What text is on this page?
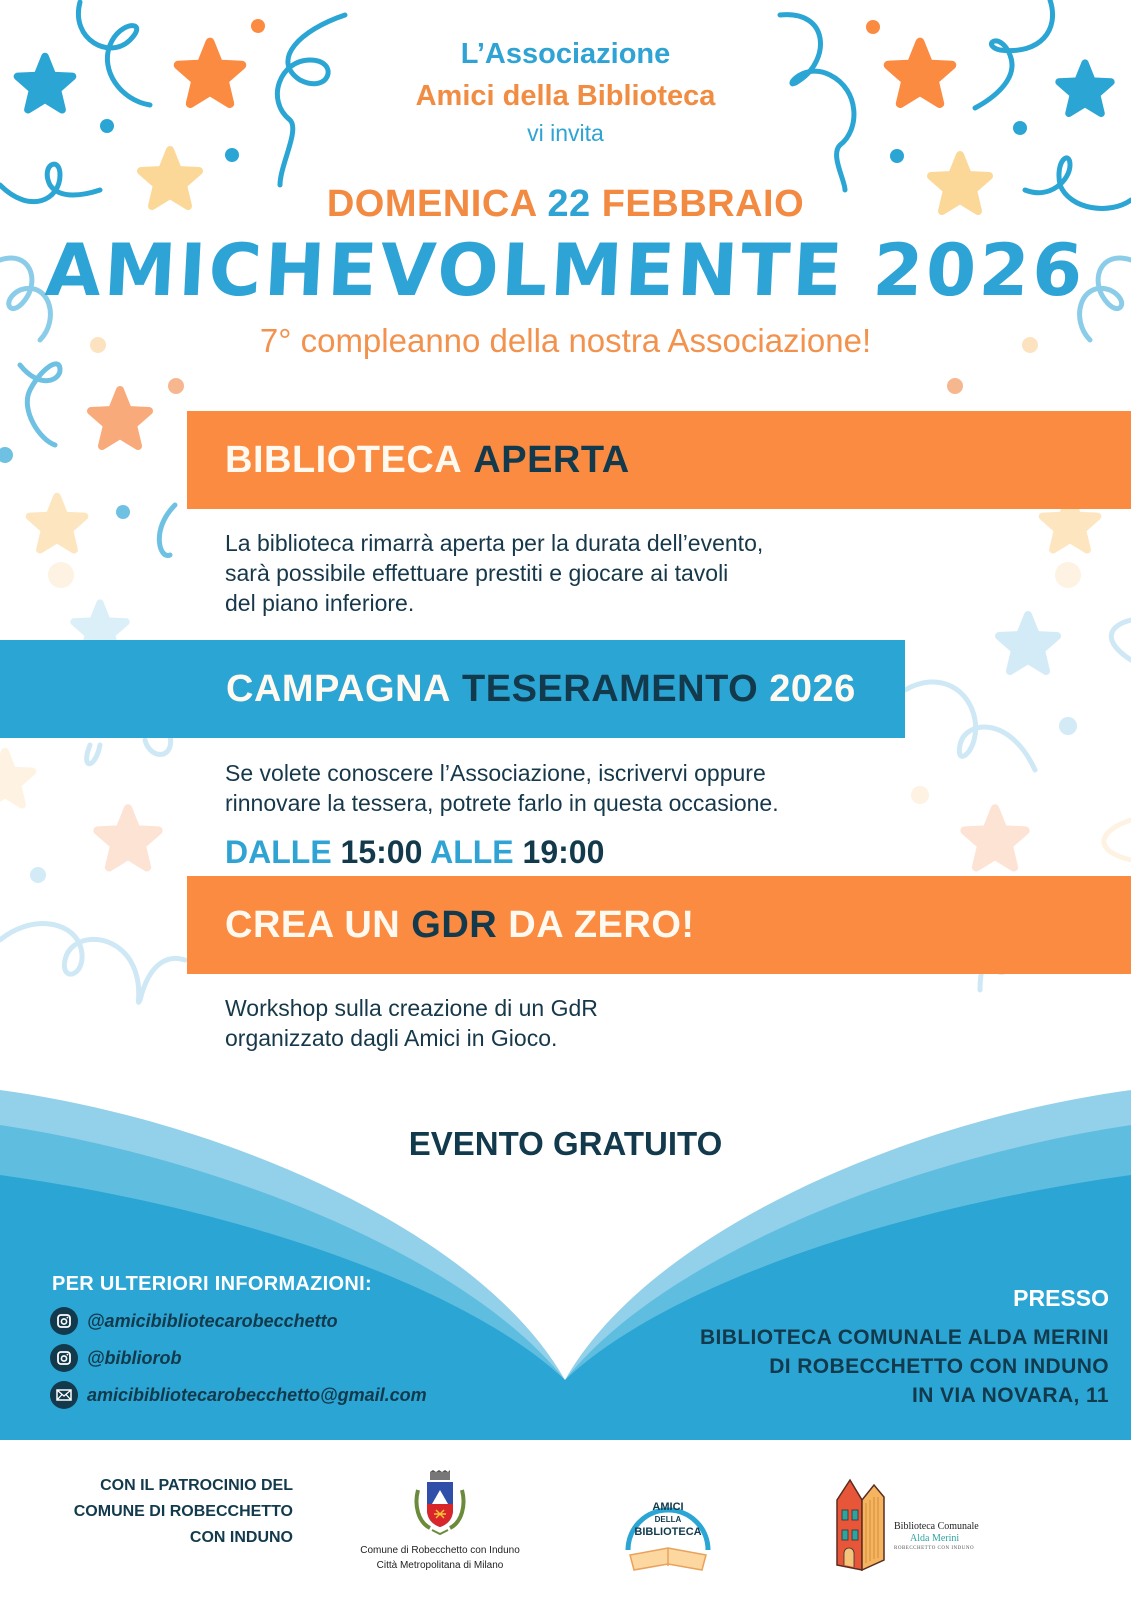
L’Associazione
Amici della Biblioteca
vi invita
DOMENICA 22 FEBBRAIO
AMICHEVOLMENTE 2026
7° compleanno della nostra Associazione!
BIBLIOTECA
APERTA
La biblioteca rimarrà aperta per la durata dell’evento,
sarà possibile effettuare prestiti e giocare ai tavoli
del piano inferiore.
CAMPAGNA
TESERAMENTO
2026
Se volete conoscere l’Associazione, iscrivervi oppure
rinnovare la tessera, potrete farlo in questa occasione.
DALLE 15:00 ALLE 19:00
CREA UN
GDR
DA ZERO!
Workshop sulla creazione di un GdR
organizzato dagli Amici in Gioco.
EVENTO GRATUITO
PER ULTERIORI INFORMAZIONI:
@amicibibliotecarobecchetto
@bibliorob
amicibibliotecarobecchetto@gmail.com
PRESSO
BIBLIOTECA COMUNALE ALDA MERINI
DI ROBECCHETTO CON INDUNO
IN VIA NOVARA, 11
CON IL PATROCINIO DEL
COMUNE DI ROBECCHETTO
CON INDUNO
Comune di Robecchetto con Induno
Città Metropolitana di Milano
AMICI
DELLA
BIBLIOTECA	Biblioteca Comunale
Alda Merini
ROBECCHETTO CON INDUNO
